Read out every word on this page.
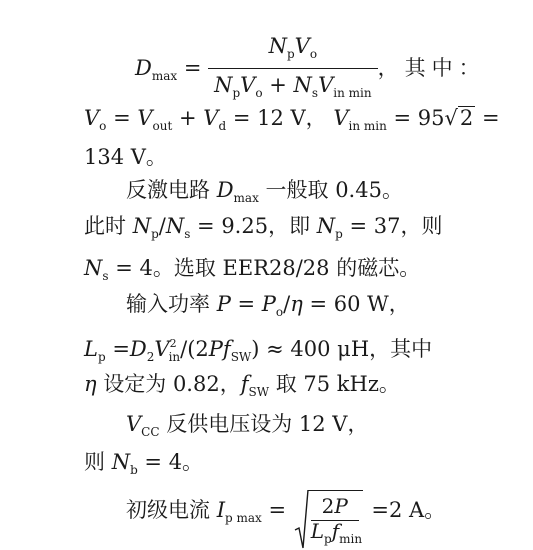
$D_{max} = \frac{N_pV_o}{N_pV_o + N_sV_{in min}}$ ，其中：
$V_o = V_{out} + V_d = 12$ V， $V_{in min} = 95√2$ =
134 V。
反激电路 $D_{max}$ 一般取 0.45。
此时 $N_p/N_s = 9.25$，即 $N_p = 37$，则
$N_s = 4$。选取 EER28/28 的磁芯。
输入功率 $P = P_o/\eta = 60$ W，
$L_p =D_2V^2_{in}/(2Pf_{SW}) \approx 400$ μH，其中
η 设定为 0.82，$f_{SW}$ 取 75 kHz。
$V_{CC}$ 反供电压设为 12 V，
则 $N_b = 4$。
初级电流 $I_{p max}$ =	2P
$L_pf_{min}$
=2 A。
